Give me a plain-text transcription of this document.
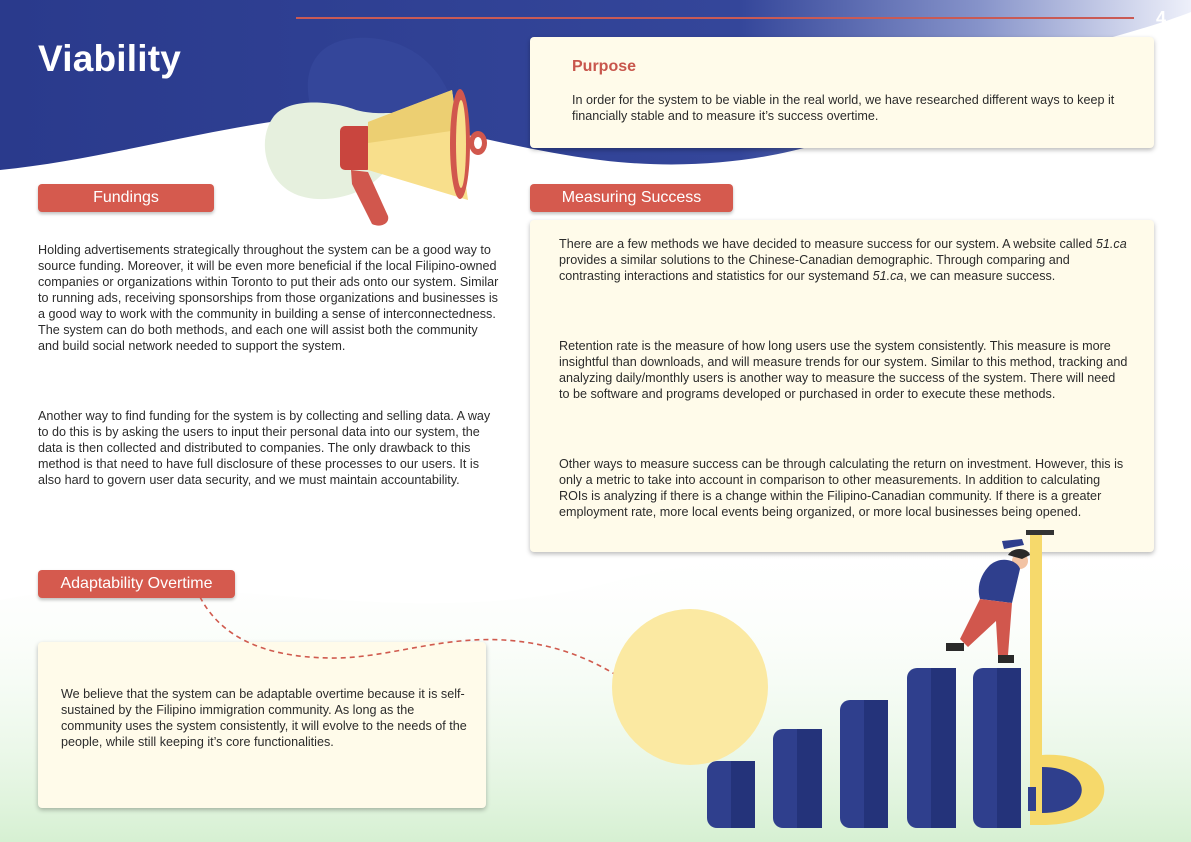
Viability
4
Purpose

In order for the system to be viable in the real world, we have researched different ways to keep it financially stable and to measure it’s success overtime.

Fundings

Holding advertisements strategically throughout the system can be a good way to source funding. Moreover, it will be even more beneficial if the local Filipino-owned companies or organizations within Toronto to put their ads onto our system. Similar to running ads, receiving sponsorships from those organizations and businesses is a good way to work with the community in building a sense of interconnectedness. The system can do both methods, and each one will assist both the community and build social network needed to support the system.

Another way to find funding for the system is by collecting and selling data. A way to do this is by asking the users to input their personal data into our system, the data is then collected and distributed to companies. The only drawback to this method is that need to have full disclosure of these processes to our users. It is also hard to govern user data security, and we must maintain accountability.

Measuring Success

There are a few methods we have decided to measure success for our system. A website called 51.ca provides a similar solutions to the Chinese-Canadian demographic. Through comparing and contrasting interactions and statistics for our systemand 51.ca, we can measure success.

Retention rate is the measure of how long users use the system consistently. This measure is more insightful than downloads, and will measure trends for our system. Similar to this method, tracking and analyzing daily/monthly users is another way to measure the success of the system. There will need to be software and programs developed or purchased in order to execute these methods.

Other ways to measure success can be through calculating the return on investment. However, this is only a metric to take into account in comparison to other measurements. In addition to calculating ROIs is analyzing if there is a change within the Filipino-Canadian community. If there is a greater employment rate, more local events being organized, or more local businesses being opened.

Adaptability Overtime

We believe that the system can be adaptable overtime because it is self-sustained by the Filipino immigration community. As long as the community uses the system consistently, it will evolve to the needs of the people, while still keeping it’s core functionalities.
